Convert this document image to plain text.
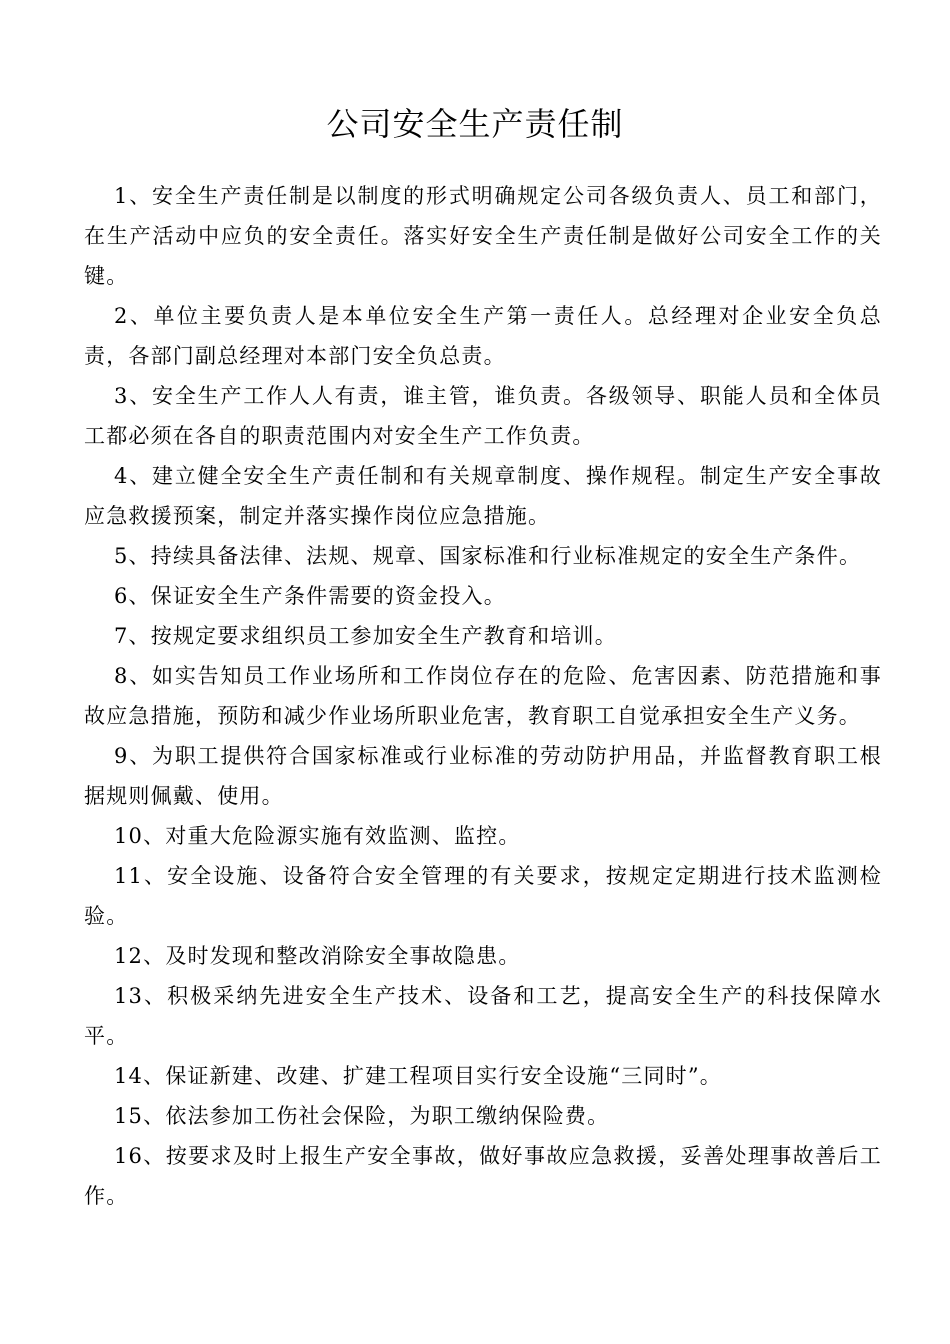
公司安全生产责任制

1、安全生产责任制是以制度的形式明确规定公司各级负责人、员工和部门，在生产活动中应负的安全责任。落实好安全生产责任制是做好公司安全工作的关键。

2、单位主要负责人是本单位安全生产第一责任人。总经理对企业安全负总责，各部门副总经理对本部门安全负总责。

3、安全生产工作人人有责，谁主管，谁负责。各级领导、职能人员和全体员工都必须在各自的职责范围内对安全生产工作负责。

4、建立健全安全生产责任制和有关规章制度、操作规程。制定生产安全事故应急救援预案，制定并落实操作岗位应急措施。

5、持续具备法律、法规、规章、国家标准和行业标准规定的安全生产条件。

6、保证安全生产条件需要的资金投入。

7、按规定要求组织员工参加安全生产教育和培训。

8、如实告知员工作业场所和工作岗位存在的危险、危害因素、防范措施和事故应急措施，预防和减少作业场所职业危害，教育职工自觉承担安全生产义务。

9、为职工提供符合国家标准或行业标准的劳动防护用品，并监督教育职工根据规则佩戴、使用。

10、对重大危险源实施有效监测、监控。

11、安全设施、设备符合安全管理的有关要求，按规定定期进行技术监测检验。

12、及时发现和整改消除安全事故隐患。

13、积极采纳先进安全生产技术、设备和工艺，提高安全生产的科技保障水平。

14、保证新建、改建、扩建工程项目实行安全设施“三同时”。

15、依法参加工伤社会保险，为职工缴纳保险费。

16、按要求及时上报生产安全事故，做好事故应急救援，妥善处理事故善后工作。
